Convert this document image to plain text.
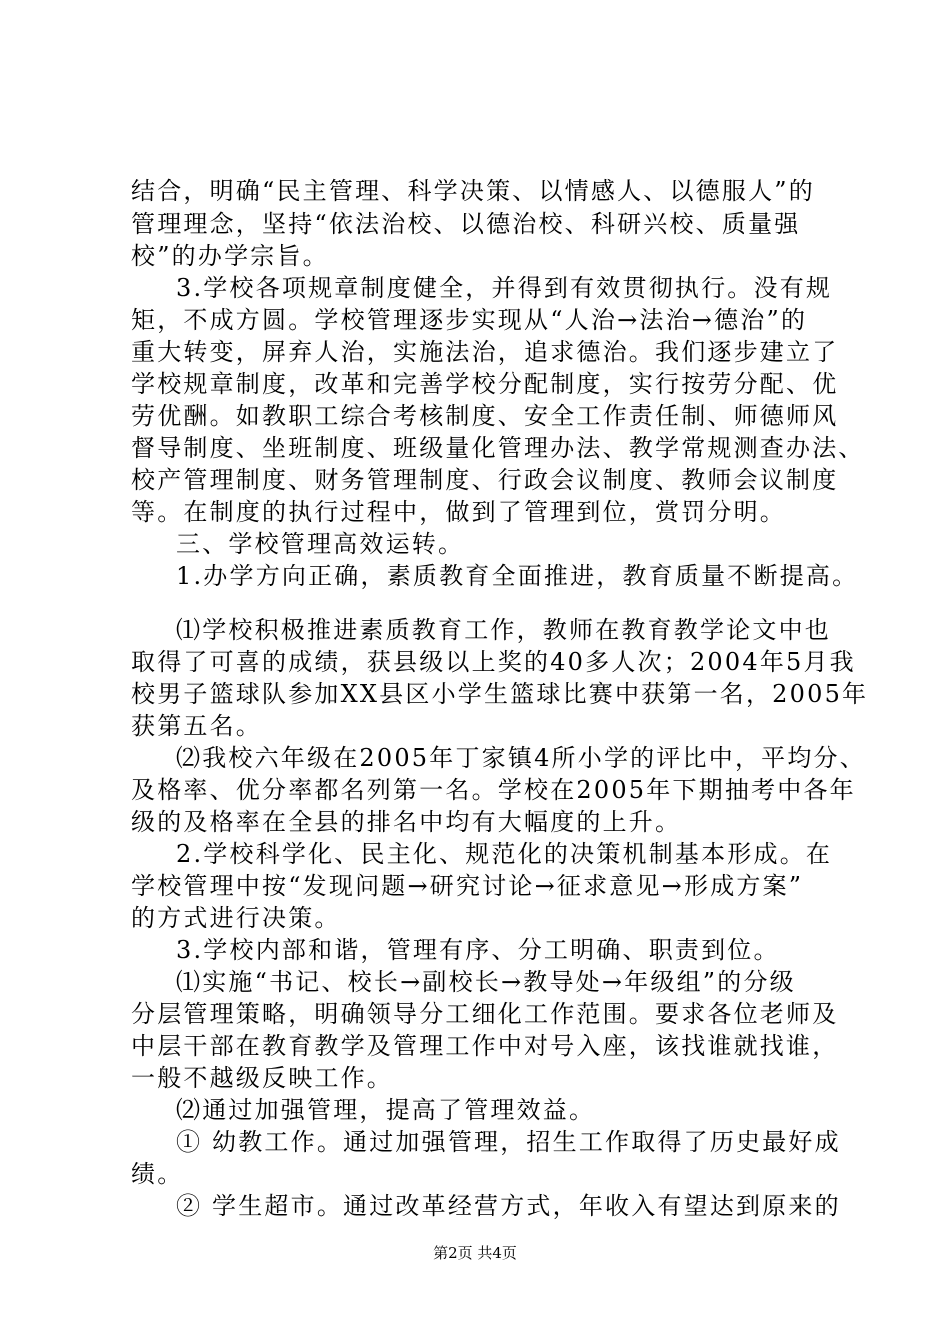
结合，明确“民主管理、科学决策、以情感人、以德服人”的
管理理念，坚持“依法治校、以德治校、科研兴校、质量强
校”的办学宗旨。
3.学校各项规章制度健全，并得到有效贯彻执行。没有规
矩，不成方圆。学校管理逐步实现从“人治→法治→德治”的
重大转变，屏弃人治，实施法治，追求德治。我们逐步建立了
学校规章制度，改革和完善学校分配制度，实行按劳分配、优
劳优酬。如教职工综合考核制度、安全工作责任制、师德师风
督导制度、坐班制度、班级量化管理办法、教学常规测查办法、
校产管理制度、财务管理制度、行政会议制度、教师会议制度
等。在制度的执行过程中，做到了管理到位，赏罚分明。
三、学校管理高效运转。
1.办学方向正确，素质教育全面推进，教育质量不断提高。
⑴学校积极推进素质教育工作，教师在教育教学论文中也
取得了可喜的成绩，获县级以上奖的40多人次；2004年5月我
校男子篮球队参加XX县区小学生篮球比赛中获第一名，2005年
获第五名。
⑵我校六年级在2005年丁家镇4所小学的评比中，平均分、
及格率、优分率都名列第一名。学校在2005年下期抽考中各年
级的及格率在全县的排名中均有大幅度的上升。
2.学校科学化、民主化、规范化的决策机制基本形成。在
学校管理中按“发现问题→研究讨论→征求意见→形成方案”
的方式进行决策。
3.学校内部和谐，管理有序、分工明确、职责到位。
⑴实施“书记、校长→副校长→教导处→年级组”的分级
分层管理策略，明确领导分工细化工作范围。要求各位老师及
中层干部在教育教学及管理工作中对号入座，该找谁就找谁，
一般不越级反映工作。
⑵通过加强管理，提高了管理效益。
① 幼教工作。通过加强管理，招生工作取得了历史最好成
绩。
② 学生超市。通过改革经营方式，年收入有望达到原来的
第2页 共4页
